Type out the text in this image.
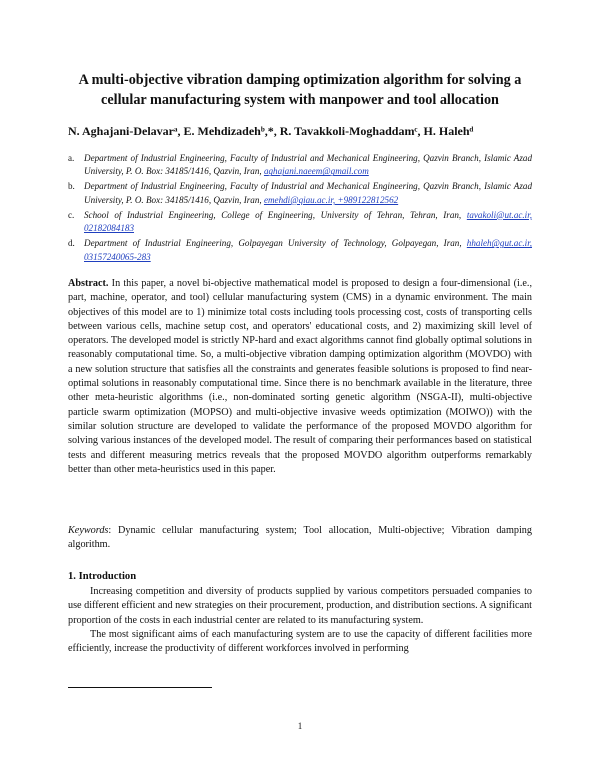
A multi-objective vibration damping optimization algorithm for solving a cellular manufacturing system with manpower and tool allocation
N. Aghajani-Delavarᵃ, E. Mehdizadehᵇ,*, R. Tavakkoli-Moghaddamᶜ, H. Halehᵈ
a. Department of Industrial Engineering, Faculty of Industrial and Mechanical Engineering, Qazvin Branch, Islamic Azad University, P. O. Box: 34185/1416, Qazvin, Iran, aghajani.naeem@gmail.com
b. Department of Industrial Engineering, Faculty of Industrial and Mechanical Engineering, Qazvin Branch, Islamic Azad University, P. O. Box: 34185/1416, Qazvin, Iran, emehdi@qiau.ac.ir, +989122812562
c. School of Industrial Engineering, College of Engineering, University of Tehran, Tehran, Iran, tavakoli@ut.ac.ir, 02182084183
d. Department of Industrial Engineering, Golpayegan University of Technology, Golpayegan, Iran, hhaleh@gut.ac.ir, 03157240065-283
Abstract. In this paper, a novel bi-objective mathematical model is proposed to design a four-dimensional (i.e., part, machine, operator, and tool) cellular manufacturing system (CMS) in a dynamic environment. The main objectives of this model are to 1) minimize total costs including tools processing cost, costs of transporting cells between various cells, machine setup cost, and operators' educational costs, and 2) maximizing skill level of operators. The developed model is strictly NP-hard and exact algorithms cannot find globally optimal solutions in reasonably computational time. So, a multi-objective vibration damping optimization algorithm (MOVDO) with a new solution structure that satisfies all the constraints and generates feasible solutions is proposed to find near-optimal solutions in reasonably computational time. Since there is no benchmark available in the literature, three other meta-heuristic algorithms (i.e., non-dominated sorting genetic algorithm (NSGA-II), multi-objective particle swarm optimization (MOPSO) and multi-objective invasive weeds optimization (MOIWO)) with the similar solution structure are developed to validate the performance of the proposed MOVDO algorithm for solving various instances of the developed model. The result of comparing their performances based on statistical tests and different measuring metrics reveals that the proposed MOVDO algorithm outperforms remarkably better than other meta-heuristics used in this paper.
Keywords: Dynamic cellular manufacturing system; Tool allocation, Multi-objective; Vibration damping algorithm.
1. Introduction

Increasing competition and diversity of products supplied by various competitors persuaded companies to use different efficient and new strategies on their procurement, production, and distribution sections. A significant proportion of the costs in each industrial center are related to its manufacturing system.

The most significant aims of each manufacturing system are to use the capacity of different facilities more efficiently, increase the productivity of different workforces involved in performing

1
